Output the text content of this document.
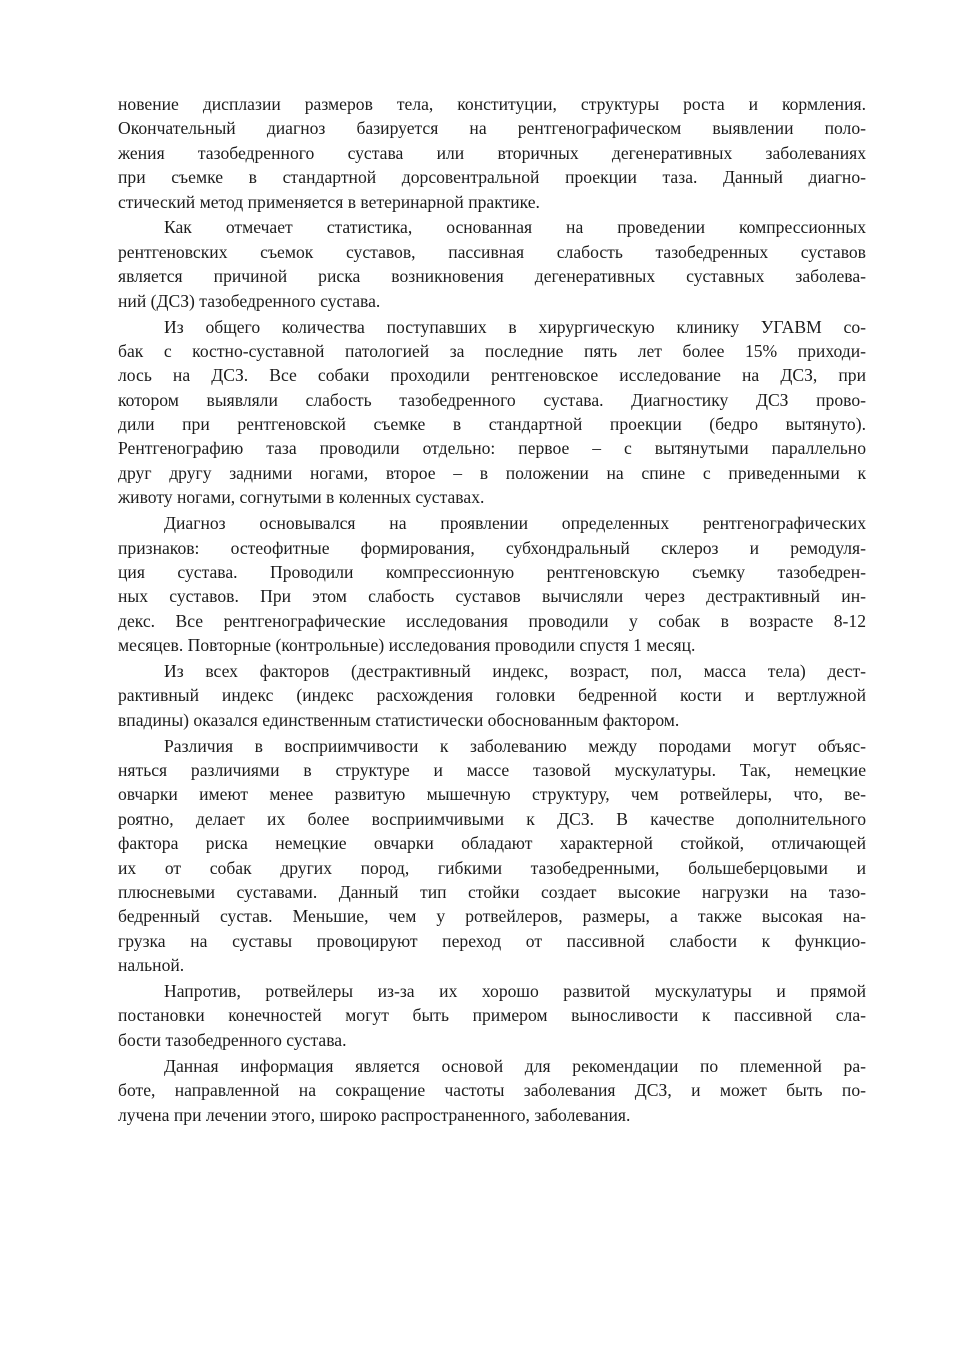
новение дисплазии размеров тела, конституции, структуры роста и кормления.
Окончательный диагноз базируется на рентгенографическом выявлении поло-
жения тазобедренного сустава или вторичных дегенеративных заболеваниях
при съемке в стандартной дорсовентральной проекции таза. Данный диагно-
стический метод применяется в ветеринарной практике.
Как отмечает статистика, основанная на проведении компрессионных
рентгеновских съемок суставов, пассивная слабость тазобедренных суставов
является причиной риска возникновения дегенеративных суставных заболева-
ний (ДСЗ) тазобедренного сустава.
Из общего количества поступавших в хирургическую клинику УГАВМ со-
бак с костно-суставной патологией за последние пять лет более 15% приходи-
лось на ДСЗ. Все собаки проходили рентгеновское исследование на ДСЗ, при
котором выявляли слабость тазобедренного сустава. Диагностику ДСЗ прово-
дили при рентгеновской съемке в стандартной проекции (бедро вытянуто).
Рентгенографию таза проводили отдельно: первое – с вытянутыми параллельно
друг другу задними ногами, второе – в положении на спине с приведенными к
животу ногами, согнутыми в коленных суставах.
Диагноз основывался на проявлении определенных рентгенографических
признаков: остеофитные формирования, субхондральный склероз и ремодуля-
ция сустава. Проводили компрессионную рентгеновскую съемку тазобедрен-
ных суставов. При этом слабость суставов вычисляли через дестрактивный ин-
декс. Все рентгенографические исследования проводили у собак в возрасте 8-12
месяцев. Повторные (контрольные) исследования проводили спустя 1 месяц.
Из всех факторов (дестрактивный индекс, возраст, пол, масса тела) дест-
рактивный индекс (индекс расхождения головки бедренной кости и вертлужной
впадины) оказался единственным статистически обоснованным фактором.
Различия в восприимчивости к заболеванию между породами могут объяс-
няться различиями в структуре и массе тазовой мускулатуры. Так, немецкие
овчарки имеют менее развитую мышечную структуру, чем ротвейлеры, что, ве-
роятно, делает их более восприимчивыми к ДСЗ. В качестве дополнительного
фактора риска немецкие овчарки обладают характерной стойкой, отличающей
их от собак других пород, гибкими тазобедренными, большеберцовыми и
плюсневыми суставами. Данный тип стойки создает высокие нагрузки на тазо-
бедренный сустав. Меньшие, чем у ротвейлеров, размеры, а также высокая на-
грузка на суставы провоцируют переход от пассивной слабости к функцио-
нальной.
Напротив, ротвейлеры из-за их хорошо развитой мускулатуры и прямой
постановки конечностей могут быть примером выносливости к пассивной сла-
бости тазобедренного сустава.
Данная информация является основой для рекомендации по племенной ра-
боте, направленной на сокращение частоты заболевания ДСЗ, и может быть по-
лучена при лечении этого, широко распространенного, заболевания.
